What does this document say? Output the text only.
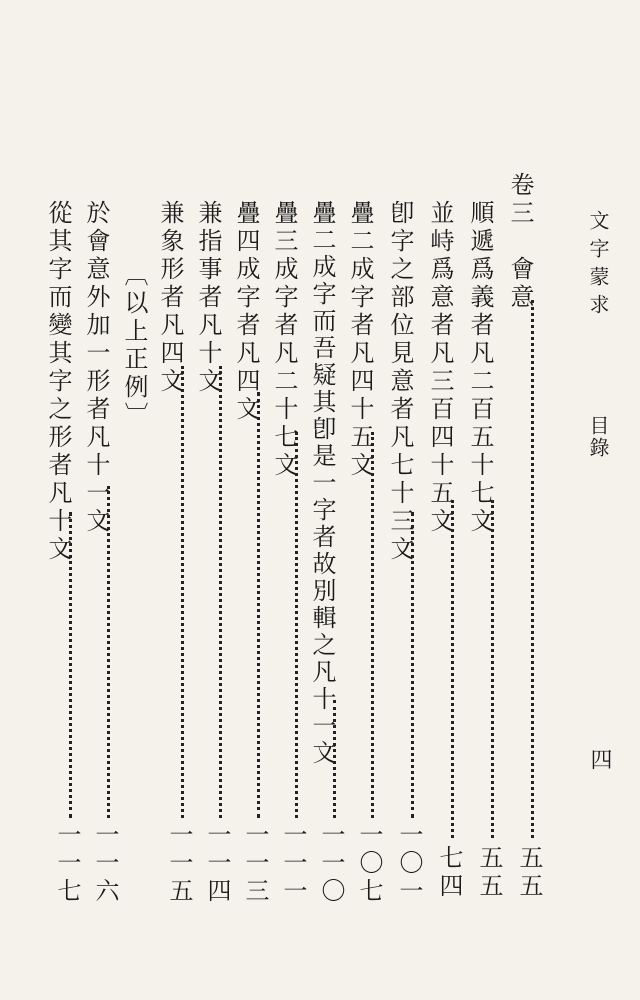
文字蒙求
目錄
四
卷三　會意
五五
順遞爲義者凡二百五十七文
五五
並峙爲意者凡三百四十五文
七四
卽字之部位見意者凡七十三文
一〇一
疊二成字者凡四十五文
一〇七
疊二成字而吾疑其卽是一字者故別輯之凡十一文
一一〇
疊三成字者凡二十七文
一一一
疊四成字者凡四文
一一三
兼指事者凡十文
一一四
兼象形者凡四文
一一五
〔以上正例〕
於會意外加一形者凡十一文
一一六
從其字而變其字之形者凡十文
一一七
